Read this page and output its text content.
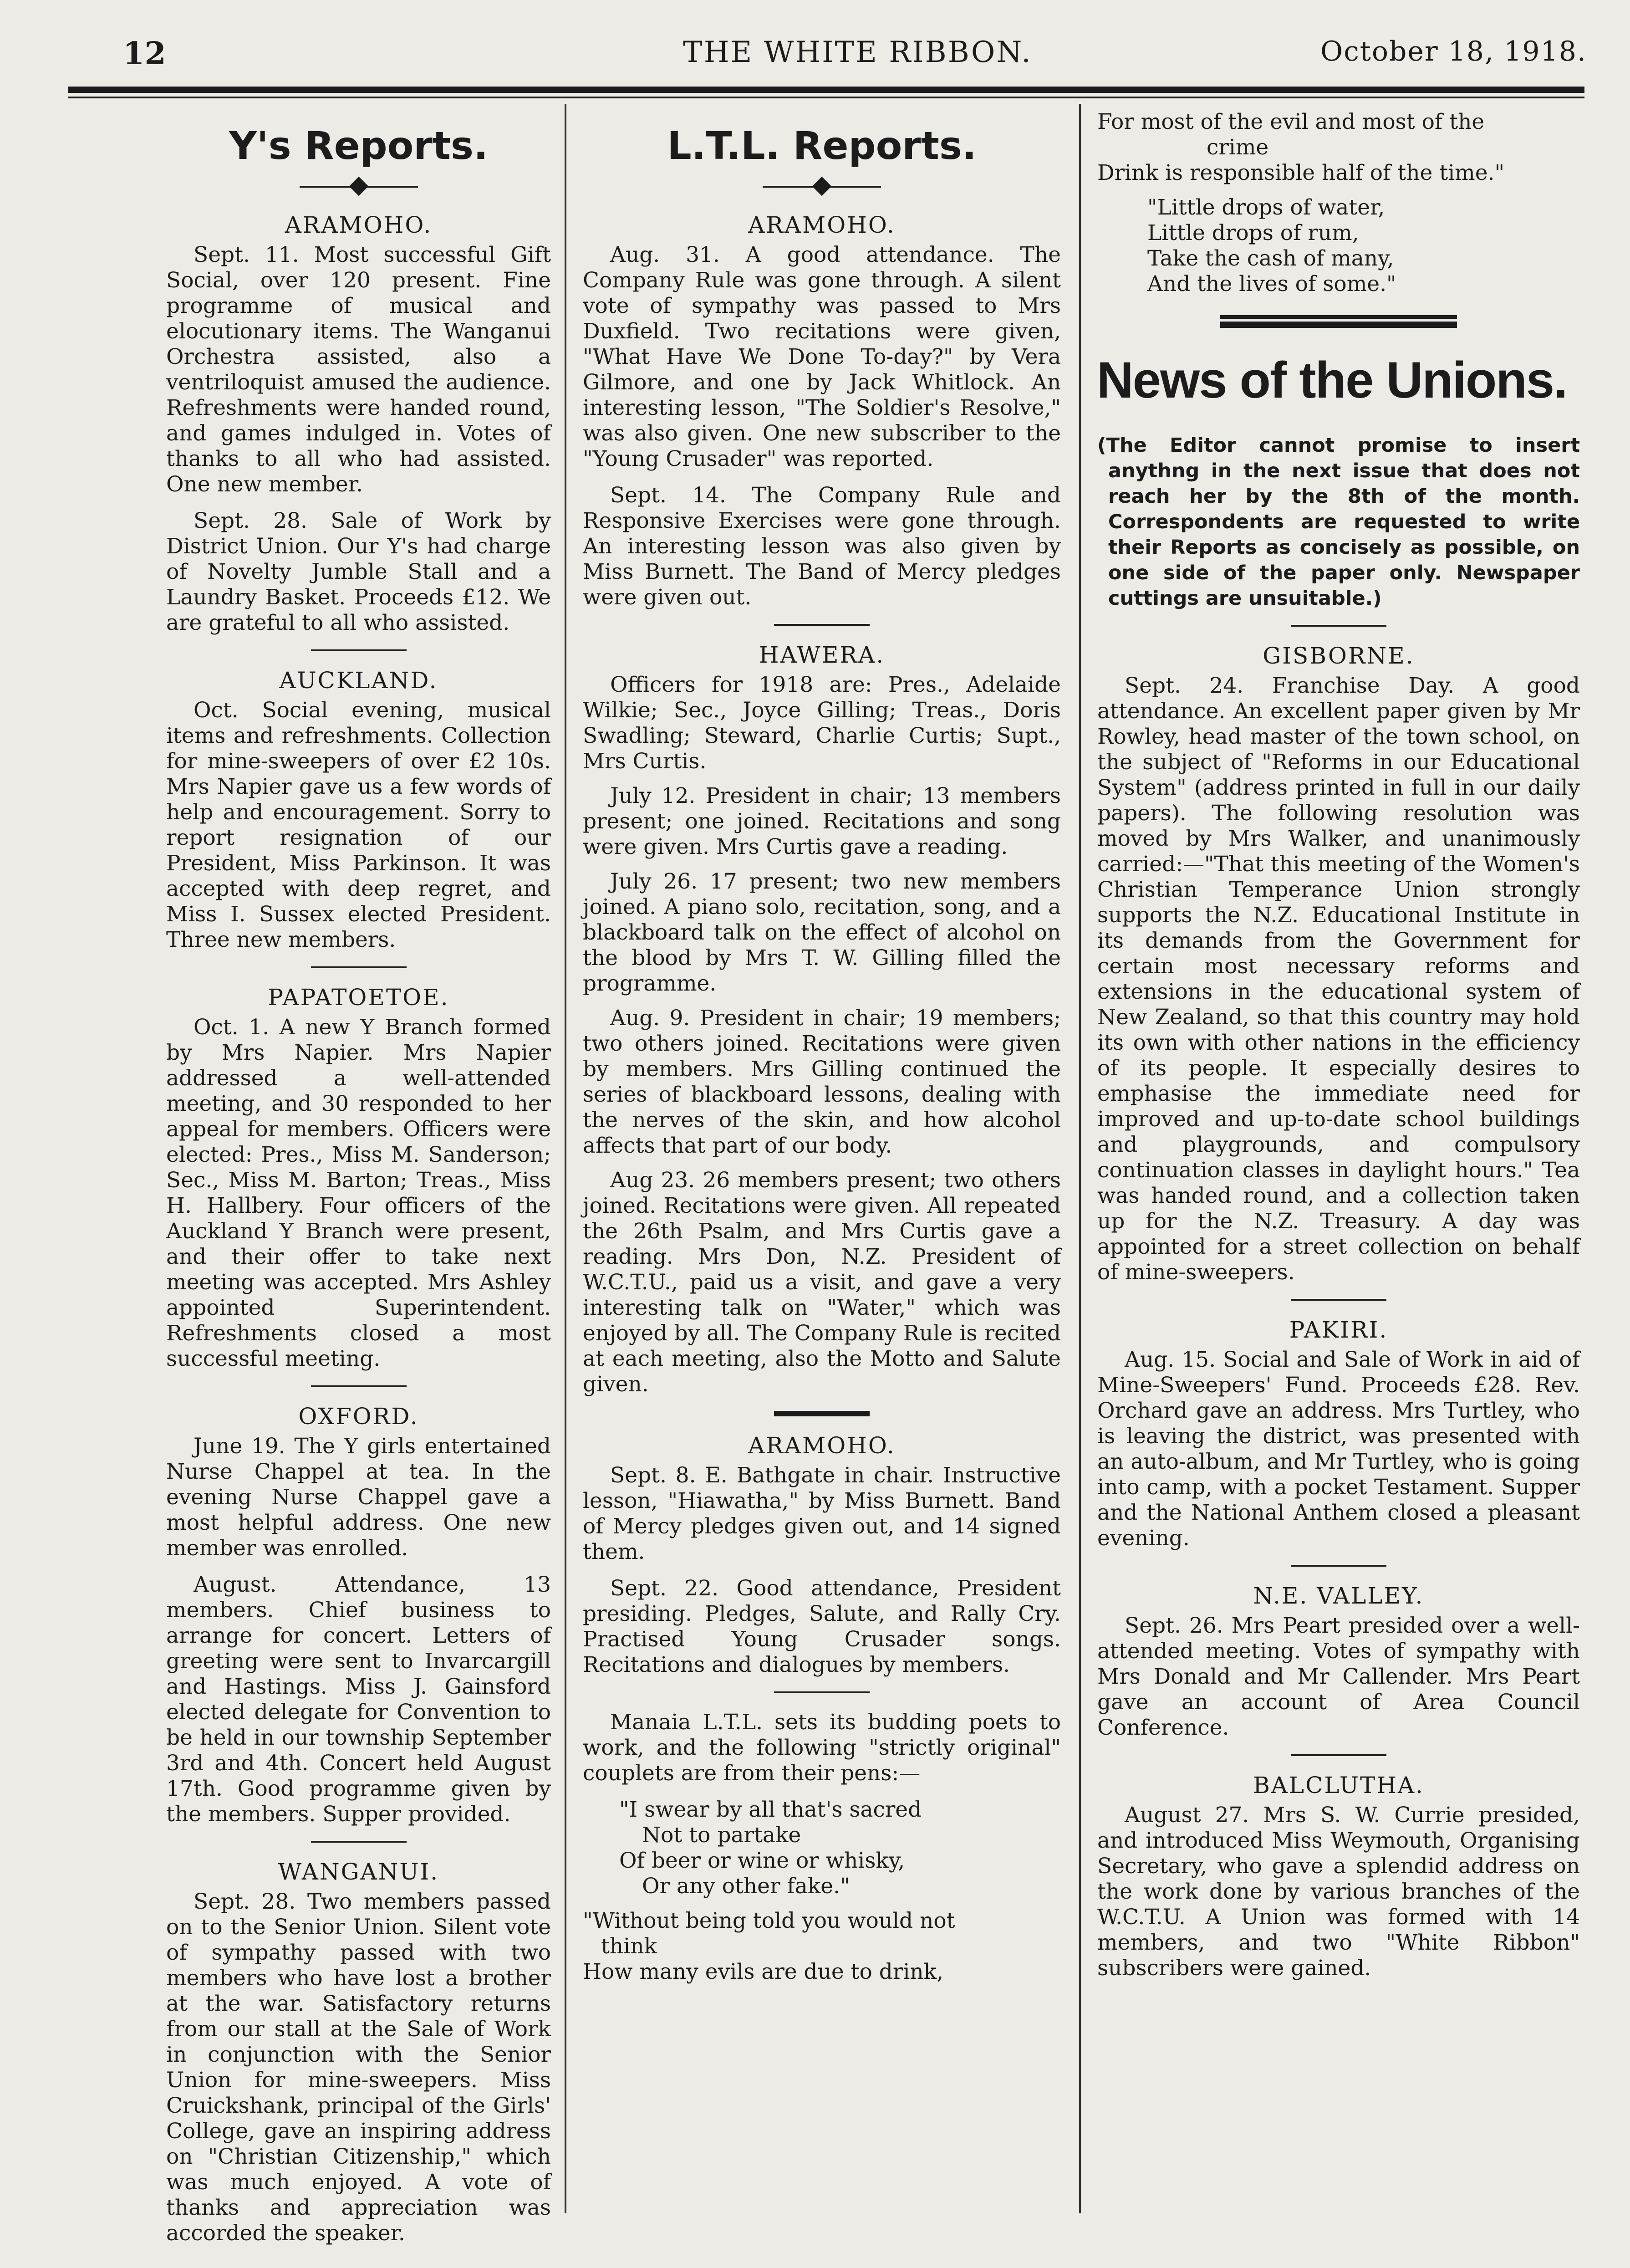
12	THE WHITE RIBBON.	October 18, 1918.
Y's Reports.
ARAMOHO.

Sept. 11. Most successful Gift Social, over 120 present. Fine programme of musical and elocutionary items. The Wanganui Orchestra assisted, also a ventriloquist amused the audience. Refreshments were handed round, and games indulged in. Votes of thanks to all who had assisted. One new member.

Sept. 28. Sale of Work by District Union. Our Y's had charge of Novelty Jumble Stall and a Laundry Basket. Proceeds £12. We are grateful to all who assisted.

AUCKLAND.

Oct. Social evening, musical items and refreshments. Collection for mine-sweepers of over £2 10s. Mrs Napier gave us a few words of help and encouragement. Sorry to report resignation of our President, Miss Parkinson. It was accepted with deep regret, and Miss I. Sussex elected President. Three new members.

PAPATOETOE.

Oct. 1. A new Y Branch formed by Mrs Napier. Mrs Napier addressed a well-attended meeting, and 30 responded to her appeal for members. Officers were elected: Pres., Miss M. Sanderson; Sec., Miss M. Barton; Treas., Miss H. Hallbery. Four officers of the Auckland Y Branch were present, and their offer to take next meeting was accepted. Mrs Ashley appointed Superintendent. Refreshments closed a most successful meeting.

OXFORD.

June 19. The Y girls entertained Nurse Chappel at tea. In the evening Nurse Chappel gave a most helpful address. One new member was enrolled.

August. Attendance, 13 members. Chief business to arrange for concert. Letters of greeting were sent to Invarcargill and Hastings. Miss J. Gainsford elected delegate for Convention to be held in our township September 3rd and 4th. Concert held August 17th. Good programme given by the members. Supper provided.

WANGANUI.

Sept. 28. Two members passed on to the Senior Union. Silent vote of sympathy passed with two members who have lost a brother at the war. Satisfactory returns from our stall at the Sale of Work in conjunction with the Senior Union for mine-sweepers. Miss Cruickshank, principal of the Girls' College, gave an inspiring address on "Christian Citizenship," which was much enjoyed. A vote of thanks and appreciation was accorded the speaker.

L.T.L. Reports.
ARAMOHO.

Aug. 31. A good attendance. The Company Rule was gone through. A silent vote of sympathy was passed to Mrs Duxfield. Two recitations were given, "What Have We Done To-day?" by Vera Gilmore, and one by Jack Whitlock. An interesting lesson, "The Soldier's Resolve," was also given. One new subscriber to the "Young Crusader" was reported.

Sept. 14. The Company Rule and Responsive Exercises were gone through. An interesting lesson was also given by Miss Burnett. The Band of Mercy pledges were given out.

HAWERA.

Officers for 1918 are: Pres., Adelaide Wilkie; Sec., Joyce Gilling; Treas., Doris Swadling; Steward, Charlie Curtis; Supt., Mrs Curtis.

July 12. President in chair; 13 members present; one joined. Recitations and song were given. Mrs Curtis gave a reading.

July 26. 17 present; two new members joined. A piano solo, recitation, song, and a blackboard talk on the effect of alcohol on the blood by Mrs T. W. Gilling filled the programme.

Aug. 9. President in chair; 19 members; two others joined. Recitations were given by members. Mrs Gilling continued the series of blackboard lessons, dealing with the nerves of the skin, and how alcohol affects that part of our body.

Aug 23. 26 members present; two others joined. Recitations were given. All repeated the 26th Psalm, and Mrs Curtis gave a reading. Mrs Don, N.Z. President of W.C.T.U., paid us a visit, and gave a very interesting talk on "Water," which was enjoyed by all. The Company Rule is recited at each meeting, also the Motto and Salute given.

ARAMOHO.

Sept. 8. E. Bathgate in chair. Instructive lesson, "Hiawatha," by Miss Burnett. Band of Mercy pledges given out, and 14 signed them.

Sept. 22. Good attendance, President presiding. Pledges, Salute, and Rally Cry. Practised Young Crusader songs. Recitations and dialogues by members.

Manaia L.T.L. sets its budding poets to work, and the following "strictly original" couplets are from their pens:—

"I swear by all that's sacred
Not to partake
Of beer or wine or whisky,
Or any other fake."
"Without being told you would not
think
How many evils are due to drink,
For most of the evil and most of the
crime
Drink is responsible half of the time."
"Little drops of water,
Little drops of rum,
Take the cash of many,
And the lives of some."
News of the Unions.

(The Editor cannot promise to insert anythng in the next issue that does not reach her by the 8th of the month. Correspondents are requested to write their Reports as concisely as possible, on one side of the paper only. Newspaper cuttings are unsuitable.)

GISBORNE.

Sept. 24. Franchise Day. A good attendance. An excellent paper given by Mr Rowley, head master of the town school, on the subject of "Reforms in our Educational System" (address printed in full in our daily papers). The following resolution was moved by Mrs Walker, and unanimously carried:—"That this meeting of the Women's Christian Temperance Union strongly supports the N.Z. Educational Institute in its demands from the Government for certain most necessary reforms and extensions in the educational system of New Zealand, so that this country may hold its own with other nations in the efficiency of its people. It especially desires to emphasise the immediate need for improved and up-to-date school buildings and playgrounds, and compulsory continuation classes in daylight hours." Tea was handed round, and a collection taken up for the N.Z. Treasury. A day was appointed for a street collection on behalf of mine-sweepers.

PAKIRI.

Aug. 15. Social and Sale of Work in aid of Mine-Sweepers' Fund. Proceeds £28. Rev. Orchard gave an address. Mrs Turtley, who is leaving the district, was presented with an auto-album, and Mr Turtley, who is going into camp, with a pocket Testament. Supper and the National Anthem closed a pleasant evening.

N.E. VALLEY.

Sept. 26. Mrs Peart presided over a well-attended meeting. Votes of sympathy with Mrs Donald and Mr Callender. Mrs Peart gave an account of Area Council Conference.

BALCLUTHA.

August 27. Mrs S. W. Currie presided, and introduced Miss Weymouth, Organising Secretary, who gave a splendid address on the work done by various branches of the W.C.T.U. A Union was formed with 14 members, and two "White Ribbon" subscribers were gained.
